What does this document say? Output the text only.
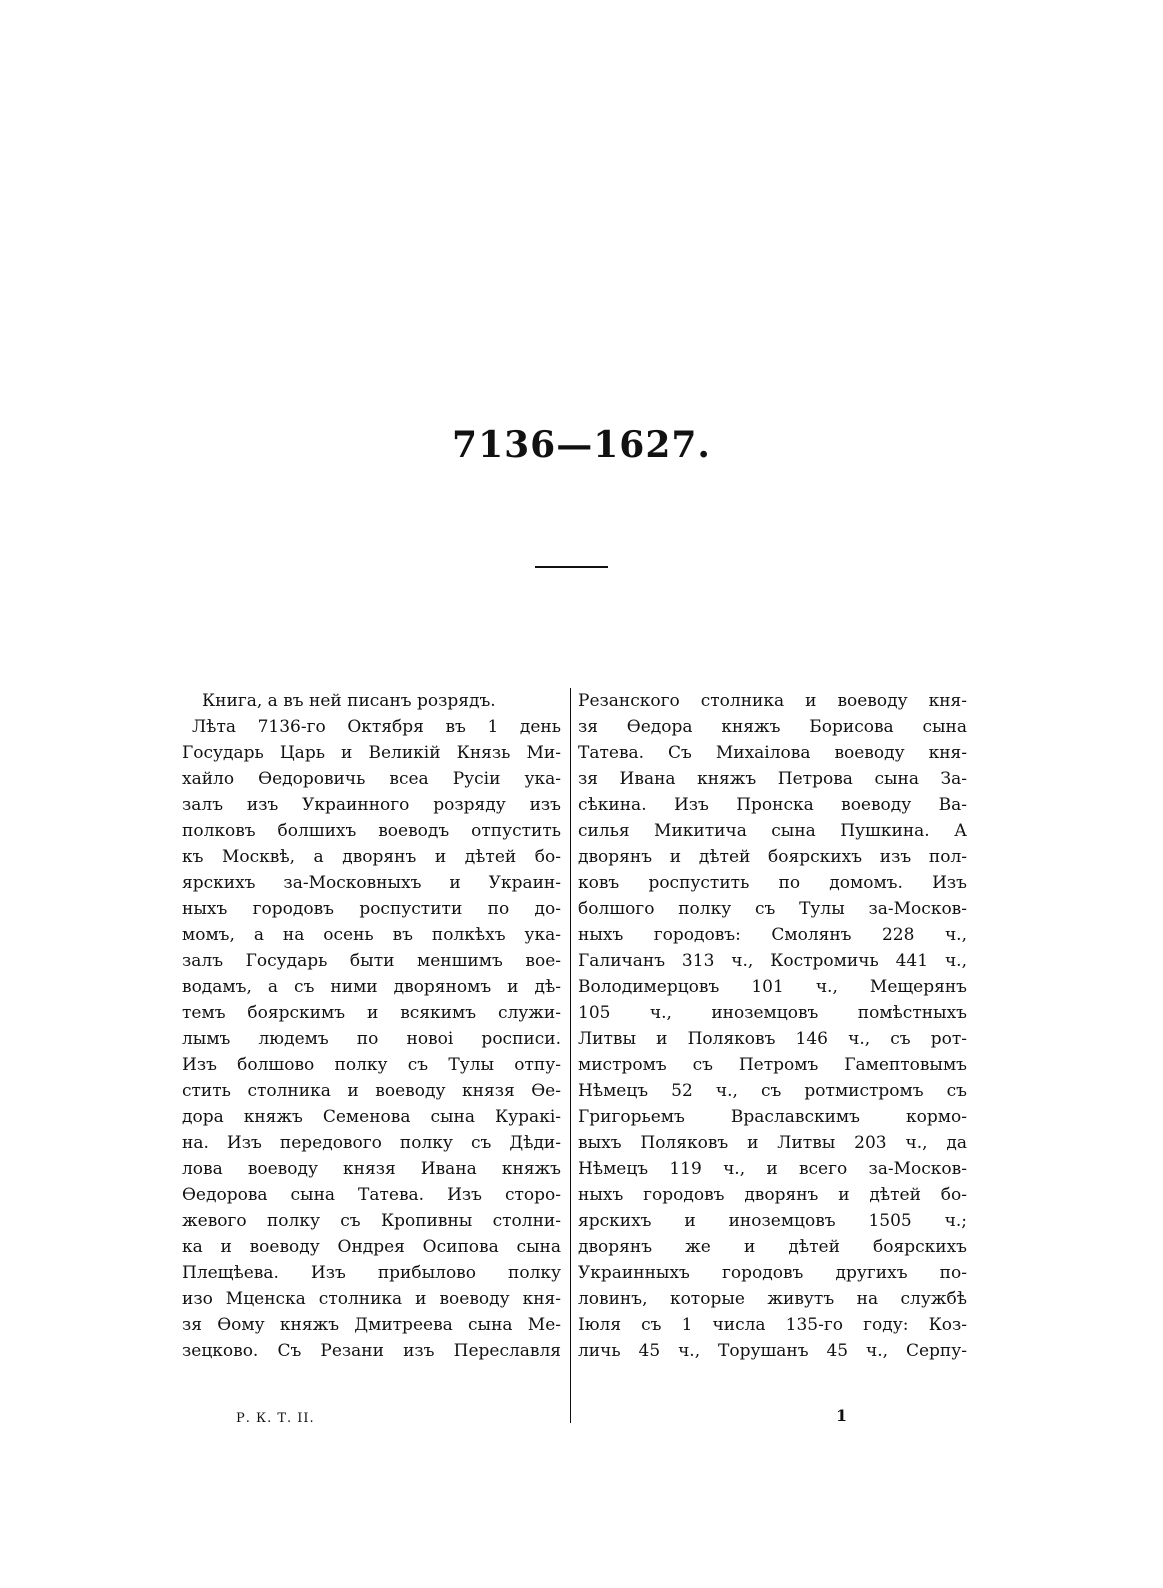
7136—1627.
Книга, а въ ней писанъ розрядъ.
Лѣта 7136-го Октября въ 1 день
Государь Царь и Великій Князь Ми-
хайло Ѳедоровичь всеа Русіи ука-
залъ изъ Украинного розряду изъ
полковъ болшихъ воеводъ отпустить
къ Москвѣ, а дворянъ и дѣтей бо-
ярскихъ за-Московныхъ и Украин-
ныхъ городовъ роспустити по до-
момъ, а на осень въ полкѣхъ ука-
залъ Государь быти меншимъ вое-
водамъ, а съ ними дворяномъ и дѣ-
темъ боярскимъ и всякимъ служи-
лымъ людемъ по новоі росписи.
Изъ болшово полку съ Тулы отпу-
стить столника и воеводу князя Ѳе-
дора княжъ Семенова сына Куракі-
на. Изъ передового полку съ Дѣди-
лова воеводу князя Ивана княжъ
Ѳедорова сына Татева. Изъ сторо-
жевого полку съ Кропивны столни-
ка и воеводу Ондрея Осипова сына
Плещѣева. Изъ прибылово полку
изо Мценска столника и воеводу кня-
зя Ѳому княжъ Дмитреева сына Ме-
зецково. Съ Резани изъ Переславля
Резанского столника и воеводу кня-
зя Ѳедора княжъ Борисова сына
Татева. Съ Михаілова воеводу кня-
зя Ивана княжъ Петрова сына За-
сѣкина. Изъ Пронска воеводу Ва-
силья Микитича сына Пушкина. А
дворянъ и дѣтей боярскихъ изъ пол-
ковъ роспустить по домомъ. Изъ
болшого полку съ Тулы за-Москов-
ныхъ городовъ: Смолянъ 228 ч.,
Галичанъ 313 ч., Костромичь 441 ч.,
Володимерцовъ 101 ч., Мещерянъ
105 ч., иноземцовъ помѣстныхъ
Литвы и Поляковъ 146 ч., съ рот-
мистромъ съ Петромъ Гамептовымъ
Нѣмецъ 52 ч., съ ротмистромъ съ
Григорьемъ Враславскимъ кормо-
выхъ Поляковъ и Литвы 203 ч., да
Нѣмецъ 119 ч., и всего за-Москов-
ныхъ городовъ дворянъ и дѣтей бо-
ярскихъ и иноземцовъ 1505 ч.;
дворянъ же и дѣтей боярскихъ
Украинныхъ городовъ другихъ по-
ловинъ, которые живутъ на службѣ
Іюля съ 1 числа 135-го году: Коз-
личь 45 ч., Торушанъ 45 ч., Серпу-
Р. К. Т. II.	1
